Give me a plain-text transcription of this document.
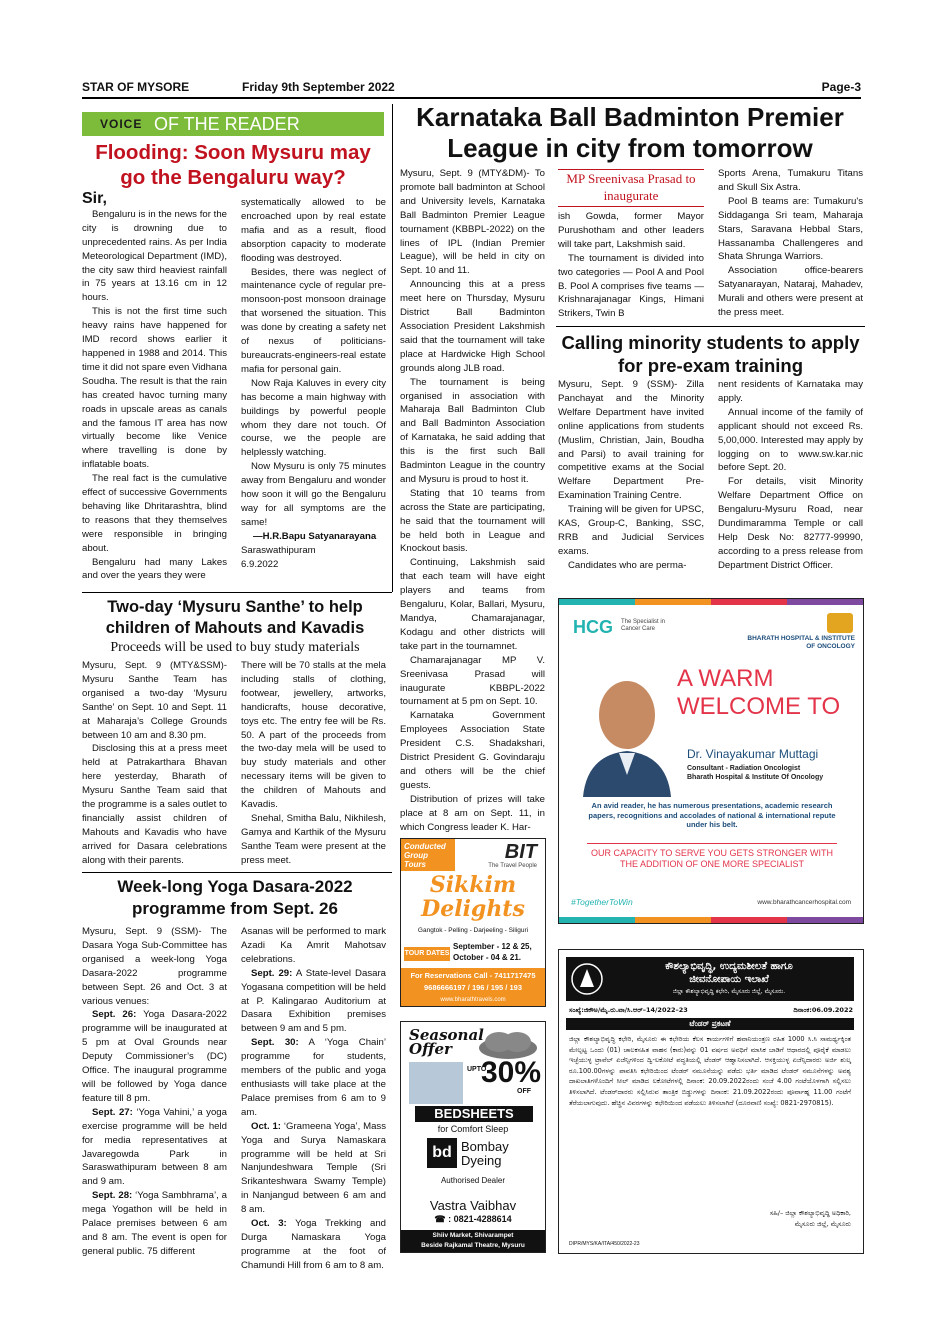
STAR OF MYSORE	Friday 9th September 2022	Page-3
VOICE OF THE READER
Flooding: Soon Mysuru may go the Bengaluru way?

Sir,

Bengaluru is in the news for the city is drowning due to unprecedented rains. As per India Meteorological Department (IMD), the city saw third heaviest rainfall in 75 years at 13.16 cm in 12 hours.

This is not the first time such heavy rains have happened for IMD record shows earlier it happened in 1988 and 2014. This time it did not spare even Vidhana Soudha. The result is that the rain has created havoc turning many roads in upscale areas as canals and the famous IT area has now virtually become like Venice where travelling is done by inflatable boats.

The real fact is the cumulative effect of successive Governments behaving like Dhritarashtra, blind to reasons that they themselves were responsible in bringing about.

Bengaluru had many Lakes and over the years they were

systematically allowed to be encroached upon by real estate mafia and as a result, flood absorption capacity to moderate flooding was destroyed.

Besides, there was neglect of maintenance cycle of regular pre-monsoon-post monsoon drainage that worsened the situation. This was done by creating a safety net of nexus of politicians-bureaucrats-engineers-real estate mafia for personal gain.

Now Raja Kaluves in every city has become a main highway with buildings by powerful people whom they dare not touch. Of course, we the people are helplessly watching.

Now Mysuru is only 75 minutes away from Bengaluru and wonder how soon it will go the Bengaluru way for all symptoms are the same!

—H.R.Bapu Satyanarayana

Saraswathipuram

6.9.2022

Karnataka Ball Badminton Premier League in city from tomorrow

Mysuru, Sept. 9 (MTY&DM)- To promote ball badminton at School and University levels, Karnataka Ball Badminton Premier League tournament (KBBPL-2022) on the lines of IPL (Indian Premier League), will be held in city on Sept. 10 and 11.

Announcing this at a press meet here on Thursday, Mysuru District Ball Badminton Association President Lakshmish said that the tournament will take place at Hardwicke High School grounds along JLB road.

The tournament is being organised in association with Maharaja Ball Badminton Club and Ball Badminton Association of Karnataka, he said adding that this is the first such Ball Badminton League in the country and Mysuru is proud to host it.

Stating that 10 teams from across the State are participating, he said that the tournament will be held both in League and Knockout basis.

Continuing, Lakshmish said that each team will have eight players and teams from Bengaluru, Kolar, Ballari, Mysuru, Mandya, Chamarajanagar, Kodagu and other districts will take part in the tournamnet.

Chamarajanagar MP V. Sreenivasa Prasad will inaugurate KBBPL-2022 tournament at 5 pm on Sept. 10.

Karnataka Government Employees Association State President C.S. Shadakshari, District President G. Govindaraju and others will be the chief guests.

Distribution of prizes will take place at 8 am on Sept. 11, in which Congress leader K. Har-

MP Sreenivasa Prasad to inaugurate

ish Gowda, former Mayor Purushotham and other leaders will take part, Lakshmish said.

The tournament is divided into two categories — Pool A and Pool B. Pool A comprises five teams — Krishnarajanagar Kings, Himani Strikers, Twin B

Sports Arena, Tumakuru Titans and Skull Six Astra.

Pool B teams are: Tumakuru's Siddaganga Sri team, Maharaja Stars, Saravana Hebbal Stars, Hassanamba Challengeres and Shata Shrunga Warriors.

Association office-bearers Satyanarayan, Nataraj, Mahadev, Murali and others were present at the press meet.

Calling minority students to apply for pre-exam training

Mysuru, Sept. 9 (SSM)- Zilla Panchayat and the Minority Welfare Department have invited online applications from students (Muslim, Christian, Jain, Boudha and Parsi) to avail training for competitive exams at the Social Welfare Department Pre-Examination Training Centre.

Training will be given for UPSC, KAS, Group-C, Banking, SSC, RRB and Judicial Services exams.

Candidates who are perma-

nent residents of Karnataka may apply.

Annual income of the family of applicant should not exceed Rs. 5,00,000. Interested may apply by logging on to www.sw.kar.nic before Sept. 20.

For details, visit Minority Welfare Department Office on Bengaluru-Mysuru Road, near Dundimaramma Temple or call Help Desk No: 82777-99990, according to a press release from Department District Officer.

Two-day ‘Mysuru Santhe’ to help children of Mahouts and Kavadis
Proceeds will be used to buy study materials

Mysuru, Sept. 9 (MTY&SSM)- Mysuru Santhe Team has organised a two-day ‘Mysuru Santhe’ on Sept. 10 and Sept. 11 at Maharaja’s College Grounds between 10 am and 8.30 pm.

Disclosing this at a press meet held at Patrakarthara Bhavan here yesterday, Bharath of Mysuru Santhe Team said that the programme is a sales outlet to financially assist children of Mahouts and Kavadis who have arrived for Dasara celebrations along with their parents.

There will be 70 stalls at the mela including stalls of clothing, footwear, jewellery, artworks, handicrafts, house decorative, toys etc. The entry fee will be Rs. 50. A part of the proceeds from the two-day mela will be used to buy study materials and other necessary items will be given to the children of Mahouts and Kavadis.

Snehal, Smitha Balu, Nikhilesh, Gamya and Karthik of the Mysuru Santhe Team were present at the press meet.

Week-long Yoga Dasara-2022 programme from Sept. 26

Mysuru, Sept. 9 (SSM)- The Dasara Yoga Sub-Committee has organised a week-long Yoga Dasara-2022 programme between Sept. 26 and Oct. 3 at various venues:

Sept. 26: Yoga Dasara-2022 programme will be inaugurated at 5 pm at Oval Grounds near Deputy Commissioner’s (DC) Office. The inaugural programme will be followed by Yoga dance feature till 8 pm.

Sept. 27: ‘Yoga Vahini,’ a yoga exercise programme will be held for media representatives at Javaregowda Park in Saraswathipuram between 8 am and 9 am.

Sept. 28: ‘Yoga Sambhrama’, a mega Yogathon will be held in Palace premises between 6 am and 8 am. The event is open for general public. 75 different

Asanas will be performed to mark Azadi Ka Amrit Mahotsav celebrations.

Sept. 29: A State-level Dasara Yogasana competition will be held at P. Kalingarao Auditorium at Dasara Exhibition premises between 9 am and 5 pm.

Sept. 30: A ‘Yoga Chain’ programme for students, members of the public and yoga enthusiasts will take place at the Palace premises from 6 am to 9 am.

Oct. 1: ‘Grameena Yoga’, Mass Yoga and Surya Namaskara programme will be held at Sri Nanjundeshwara Temple (Sri Srikanteshwara Swamy Temple) in Nanjangud between 6 am and 8 am.

Oct. 3: Yoga Trekking and Durga Namaskara Yoga programme at the foot of Chamundi Hill from 6 am to 8 am.

Conducted Group Tours
BIT
The Travel People
Sikkim
Delights
Gangtok - Pelling - Darjeeling - Siliguri
TOUR DATES
September - 12 & 25, October - 04 & 21.
For Reservations Call - 7411717475
9686666197 / 196 / 195 / 193
www.bharathtravels.com
Seasonal Offer
UPTO
30%
OFF
BEDSHEETS
for Comfort Sleep
bd Bombay Dyeing
Authorised Dealer
Vastra Vaibhav
☎ : 0821-4288614
Shiiv Market, Shivarampet
Beside Rajkamal Theatre, Mysuru
HCG The Specialist in Cancer Care
BHARATH HOSPITAL & INSTITUTE OF ONCOLOGY
A WARM
WELCOME TO
Dr. Vinayakumar Muttagi
Consultant - Radiation Oncologist
Bharath Hospital & Institute Of Oncology
An avid reader, he has numerous presentations, academic research papers, recognitions and accolades of national & international repute under his belt.
OUR CAPACITY TO SERVE YOU GETS STRONGER WITH THE ADDITION OF ONE MORE SPECIALIST
#TogetherToWin	www.bharathcancerhospital.com
ಕೌಶಲ್ಯಾಭಿವೃದ್ಧಿ, ಉದ್ಯಮಶೀಲತೆ ಹಾಗೂ
ಜೀವನೋಪಾಯ ಇಲಾಖೆ
ಜಿಲ್ಲಾ ಕೌಶಲ್ಯಾಭಿವೃದ್ಧಿ ಕಛೇರಿ, ಮೈಸೂರು ಜಿಲ್ಲೆ, ಮೈಸೂರು.
ಸಂಖ್ಯೆ:ಜಿಕೌಅ/ಮೈ.ರು.ವಾ/ಸಿ.ಆರ್–14/2022–23	ದಿನಾಂಕ:06.09.2022
ಟೆಂಡರ್ ಪ್ರಕಟಣೆ
ಜಿಲ್ಲಾ ಕೌಶಲ್ಯಾಭಿವೃದ್ಧಿ ಕಛೇರಿ, ಮೈಸೂರು ಈ ಕಛೇರಿಯ ಕೆಲಸ ಕಾರ್ಯಗಳಿಗೆ ಹವಾನಿಯಂತ್ರಣ ರಹಿತ 1000 ಸಿ.ಸಿ ಸಾಮರ್ಥ್ಯಕ್ಕಿಂತ ಮೇಲ್ಪಟ್ಟ ಒಂದು (01) ಚಾಲಕಸಹಿತ ವಾಹನ (ಕಾರು)ವನ್ನು 01 ವರ್ಷದ ಅವಧಿಗೆ ಮಾಸಿಕ ಬಾಡಿಗೆ ಆಧಾರದಲ್ಲಿ ಪೂರೈಕೆ ಮಾಡಲು ಇಚ್ಛೆಯುಳ್ಳ ಟ್ರಾವೆಲ್ ಏಜೆನ್ಸಿಗಳಿಂದ ದ್ವಿ-ಲಕೋಟೆ ಪದ್ಧತಿಯಲ್ಲಿ ಟೆಂಡರ್ ಆಹ್ವಾನಿಸಲಾಗಿದೆ. ಆಸಕ್ತಿಯುಳ್ಳ ಏಜೆನ್ಸಿದಾರರು ಅರ್ಜಿ ಶುಲ್ಕ ರೂ.100.00ಗಳನ್ನು ಪಾವತಿಸಿ ಕಛೇರಿಯಿಂದ ಟೆಂಡರ್ ನಮೂನೆಯನ್ನು ಪಡೆದು ಭರ್ತಿ ಮಾಡಿದ ಟೆಂಡರ್ ನಮೂನೆಗಳನ್ನು ಅವಶ್ಯ ದಾಖಲಾತಿಗಳೊಂದಿಗೆ ಸೀಲ್ ಮಾಡಿದ ಲಕೋಟೆಗಳಲ್ಲಿ ದಿನಾಂಕ: 20.09.2022ರಂದು ಸಂಜೆ 4.00 ಗಂಟೆಯೊಳಗಾಗಿ ಸಲ್ಲಿಸಲು ತಿಳಿಸಲಾಗಿದೆ. ಟೆಂಡರ್‌ದಾರರು ಸಲ್ಲಿಸಿರುವ ತಾಂತ್ರಿಕ ಬಿಡ್ಡುಗಳನ್ನು ದಿನಾಂಕ: 21.09.2022ರಂದು ಪೂರ್ವಾಹ್ನ 11.00 ಗಂಟೆಗೆ ತೆರೆಯಲಾಗುವುದು. ಹೆಚ್ಚಿನ ವಿವರಗಳನ್ನು ಕಛೇರಿಯಿಂದ ಪಡೆಯಲು ತಿಳಿಸಲಾಗಿದೆ (ದೂರವಾಣಿ ಸಂಖ್ಯೆ: 0821-2970815).
ಸಹಿ/– ಜಿಲ್ಲಾ ಕೌಶಲ್ಯಾಭಿವೃದ್ಧಿ ಅಧಿಕಾರಿ,
ಮೈಸೂರು ಜಿಲ್ಲೆ, ಮೈಸೂರು
DIPR/MYS/KA/ITA/450/2022-23
